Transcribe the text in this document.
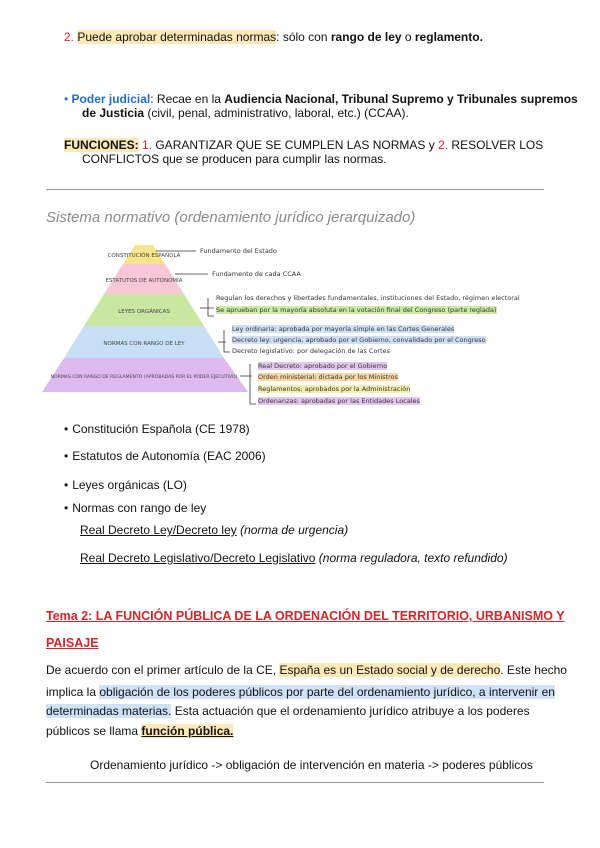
2. Puede aprobar determinadas normas: sólo con rango de ley o reglamento.
• Poder judicial: Recae en la Audiencia Nacional, Tribunal Supremo y Tribunales supremos
de Justicia (civil, penal, administrativo, laboral, etc.) (CCAA).
FUNCIONES: 1. GARANTIZAR QUE SE CUMPLEN LAS NORMAS y 2. RESOLVER LOS
CONFLICTOS que se producen para cumplir las normas.
Sistema normativo (ordenamiento jurídico jerarquizado)
CONSTITUCIÓN ESPAÑOLA
ESTATUTOS DE AUTONOMÍA
LEYES ORGÁNICAS
NORMAS CON RANGO DE LEY
NORMAS CON RANGO DE REGLAMENTO (APROBADAS POR EL PODER EJECUTIVO)
Fundamento del Estado
Fundamento de cada CCAA
Regulan los derechos y libertades fundamentales, instituciones del Estado, régimen electoral
Se aprueban por la mayoría absoluta en la votación final del Congreso (parte reglada)
Ley ordinaria: aprobada por mayoría simple en las Cortes Generales
Decreto ley: urgencia, aprobado por el Gobierno, convalidado por el Congreso
Decreto legislativo: por delegación de las Cortes
Real Decreto: aprobado por el Gobierno
Orden ministerial: dictada por los Ministros
Reglamentos: aprobados por la Administración
Ordenanzas: aprobadas por las Entidades Locales
• Constitución Española (CE 1978)
• Estatutos de Autonomía (EAC 2006)
• Leyes orgánicas (LO)
• Normas con rango de ley
Real Decreto Ley/Decreto ley (norma de urgencia)
Real Decreto Legislativo/Decreto Legislativo (norma reguladora, texto refundido)
Tema 2: LA FUNCIÓN PÚBLICA DE LA ORDENACIÓN DEL TERRITORIO, URBANISMO Y
PAISAJE
De acuerdo con el primer artículo de la CE, España es un Estado social y de derecho. Este hecho
implica la obligación de los poderes públicos por parte del ordenamiento jurídico, a intervenir en
determinadas materias. Esta actuación que el ordenamiento jurídico atribuye a los poderes
públicos se llama función pública.
Ordenamiento jurídico -> obligación de intervención en materia -> poderes públicos
